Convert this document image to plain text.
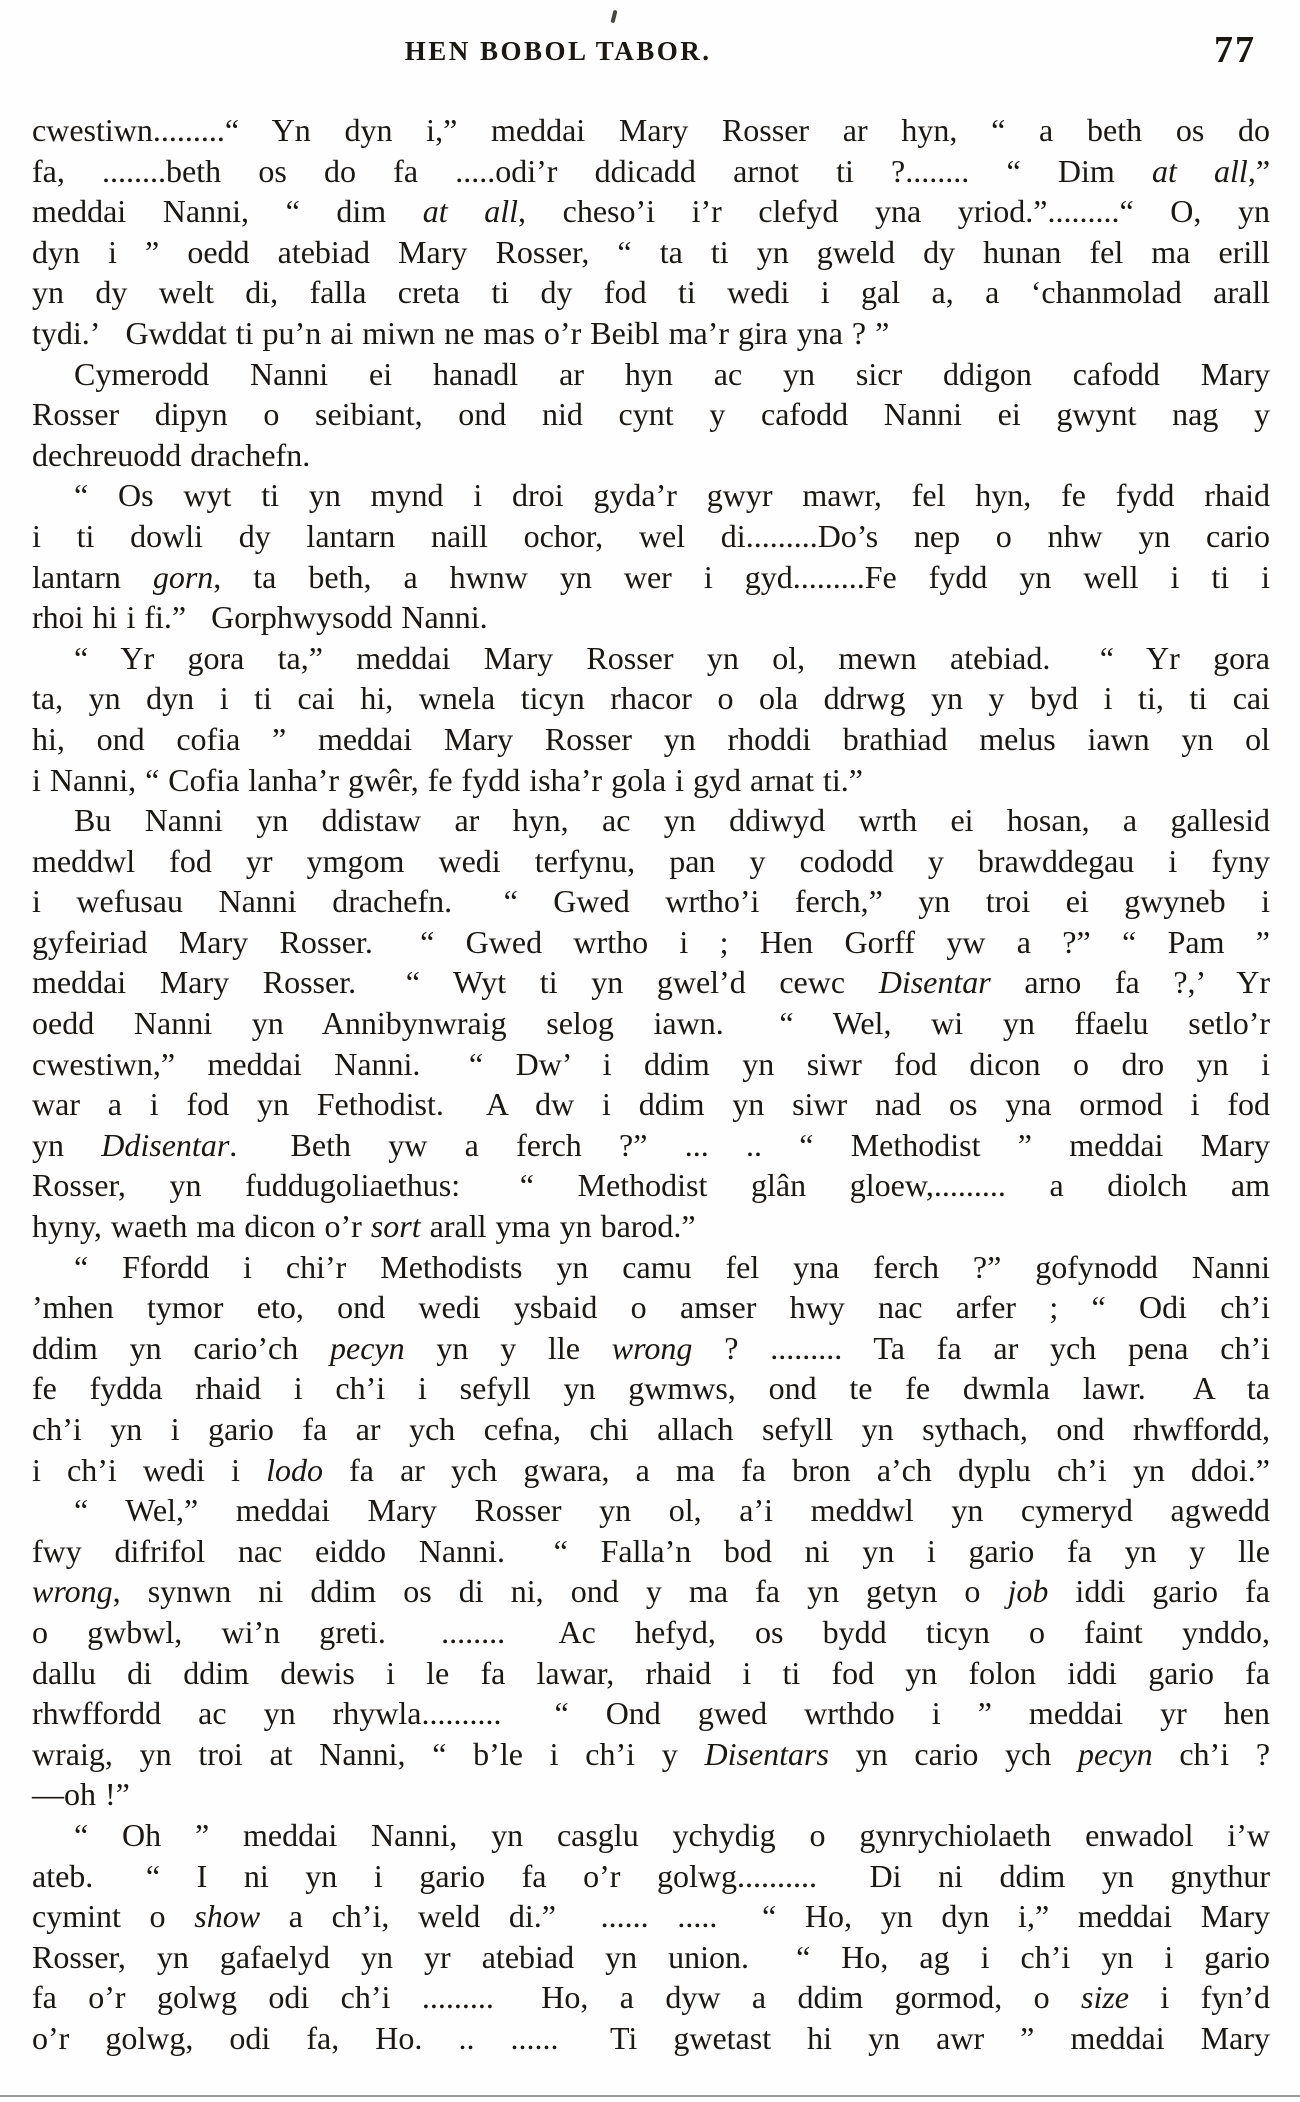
HEN BOBOL TABOR.	77
cwestiwn.........“ Yn dyn i,” meddai Mary Rosser ar hyn, “ a beth os do
fa, ........beth os do fa .....odi’r ddicadd arnot ti ?........ “ Dim at all,”
meddai Nanni, “ dim at all, cheso’i i’r clefyd yna yriod.”.........“ O, yn
dyn i ” oedd atebiad Mary Rosser, “ ta ti yn gweld dy hunan fel ma erill
yn dy welt di, falla creta ti dy fod ti wedi i gal a, a ‘chanmolad arall
tydi.’  Gwddat ti pu’n ai miwn ne mas o’r Beibl ma’r gira yna ? ”
Cymerodd Nanni ei hanadl ar hyn ac yn sicr ddigon cafodd Mary
Rosser dipyn o seibiant, ond nid cynt y cafodd Nanni ei gwynt nag y
dechreuodd drachefn.
“ Os wyt ti yn mynd i droi gyda’r gwyr mawr, fel hyn, fe fydd rhaid
i ti dowli dy lantarn naill ochor, wel di.........Do’s nep o nhw yn cario
lantarn gorn, ta beth, a hwnw yn wer i gyd.........Fe fydd yn well i ti i
rhoi hi i fi.”  Gorphwysodd Nanni.
“ Yr gora ta,” meddai Mary Rosser yn ol, mewn atebiad.  “ Yr gora
ta, yn dyn i ti cai hi, wnela ticyn rhacor o ola ddrwg yn y byd i ti, ti cai
hi, ond cofia ” meddai Mary Rosser yn rhoddi brathiad melus iawn yn ol
i Nanni, “ Cofia lanha’r gwêr, fe fydd isha’r gola i gyd arnat ti.”
Bu Nanni yn ddistaw ar hyn, ac yn ddiwyd wrth ei hosan, a gallesid
meddwl fod yr ymgom wedi terfynu, pan y cododd y brawddegau i fyny
i wefusau Nanni drachefn.  “ Gwed wrtho’i ferch,” yn troi ei gwyneb i
gyfeiriad Mary Rosser.  “ Gwed wrtho i ; Hen Gorff yw a ?” “ Pam ”
meddai Mary Rosser.  “ Wyt ti yn gwel’d cewc Disentar arno fa ?,’ Yr
oedd Nanni yn Annibynwraig selog iawn.  “ Wel, wi yn ffaelu setlo’r
cwestiwn,” meddai Nanni.  “ Dw’ i ddim yn siwr fod dicon o dro yn i
war a i fod yn Fethodist.  A dw i ddim yn siwr nad os yna ormod i fod
yn Ddisentar.  Beth yw a ferch ?” ... .. “ Methodist ” meddai Mary
Rosser, yn fuddugoliaethus:  “ Methodist glân gloew,......... a diolch am
hyny, waeth ma dicon o’r sort arall yma yn barod.”
“ Ffordd i chi’r Methodists yn camu fel yna ferch ?” gofynodd Nanni
’mhen tymor eto, ond wedi ysbaid o amser hwy nac arfer ; “ Odi ch’i
ddim yn cario’ch pecyn yn y lle wrong ? ......... Ta fa ar ych pena ch’i
fe fydda rhaid i ch’i i sefyll yn gwmws, ond te fe dwmla lawr.  A ta
ch’i yn i gario fa ar ych cefna, chi allach sefyll yn sythach, ond rhwffordd,
i ch’i wedi i lodo fa ar ych gwara, a ma fa bron a’ch dyplu ch’i yn ddoi.”
“ Wel,” meddai Mary Rosser yn ol, a’i meddwl yn cymeryd agwedd
fwy difrifol nac eiddo Nanni.  “ Falla’n bod ni yn i gario fa yn y lle
wrong, synwn ni ddim os di ni, ond y ma fa yn getyn o job iddi gario fa
o gwbwl, wi’n greti.  ........  Ac hefyd, os bydd ticyn o faint ynddo,
dallu di ddim dewis i le fa lawar, rhaid i ti fod yn folon iddi gario fa
rhwffordd ac yn rhywla..........  “ Ond gwed wrthdo i ” meddai yr hen
wraig, yn troi at Nanni, “ b’le i ch’i y Disentars yn cario ych pecyn ch’i ?
—oh !”
“ Oh ” meddai Nanni, yn casglu ychydig o gynrychiolaeth enwadol i’w
ateb.  “ I ni yn i gario fa o’r golwg..........  Di ni ddim yn gnythur
cymint o show a ch’i, weld di.”  ...... .....  “ Ho, yn dyn i,” meddai Mary
Rosser, yn gafaelyd yn yr atebiad yn union.  “ Ho, ag i ch’i yn i gario
fa o’r golwg odi ch’i .........  Ho, a dyw a ddim gormod, o size i fyn’d
o’r golwg, odi fa, Ho. .. ......  Ti gwetast hi yn awr ” meddai Mary
